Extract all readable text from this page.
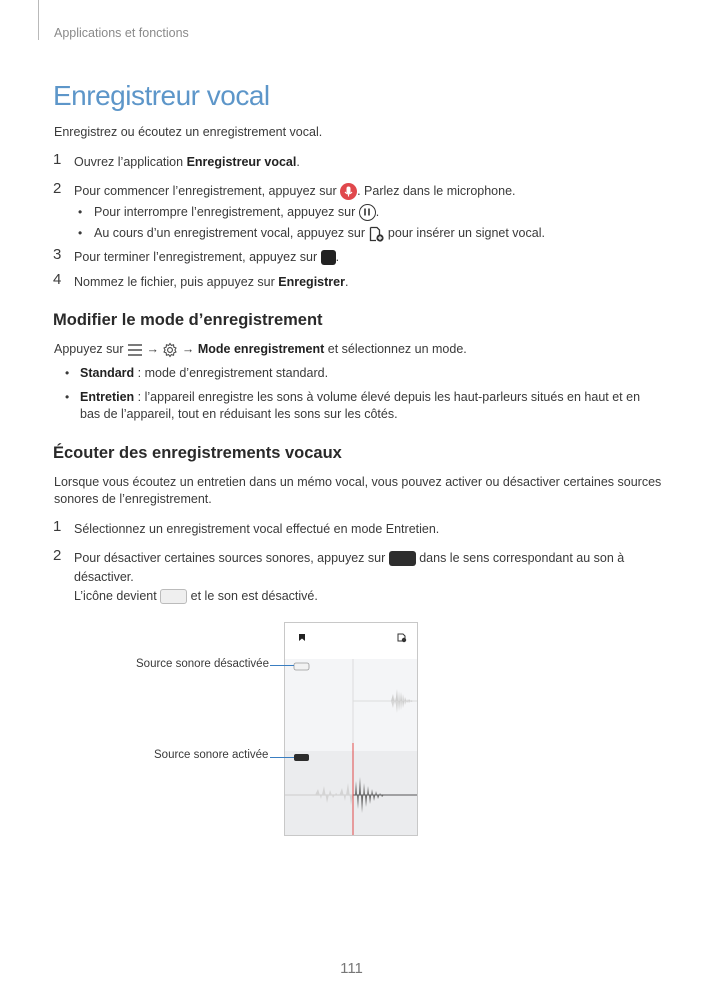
Applications et fonctions
Enregistreur vocal
Enregistrez ou écoutez un enregistrement vocal.
1 Ouvrez l’application Enregistreur vocal.
2 Pour commencer l’enregistrement, appuyez sur . Parlez dans le microphone.
• Pour interrompre l’enregistrement, appuyez sur
.
• Au cours d’un enregistrement vocal, appuyez sur  pour insérer un signet vocal.
3 Pour terminer l’enregistrement, appuyez sur .
4 Nommez le fichier, puis appuyez sur Enregistrer.
Modifier le mode d’enregistrement
Appuyez sur  →  → Mode enregistrement et sélectionnez un mode.
• Standard : mode d’enregistrement standard.
• Entretien : l’appareil enregistre les sons à volume élevé depuis les haut-parleurs situés en haut et en
bas de l’appareil, tout en réduisant les sons sur les côtés.
Écouter des enregistrements vocaux
Lorsque vous écoutez un entretien dans un mémo vocal, vous pouvez activer ou désactiver certaines sources
sonores de l’enregistrement.
1 Sélectionnez un enregistrement vocal effectué en mode Entretien.
2 Pour désactiver certaines sources sonores, appuyez sur  dans le sens correspondant au son à
désactiver.
L’icône devient  et le son est désactivé.
Source sonore désactivée
Source sonore activée
111
